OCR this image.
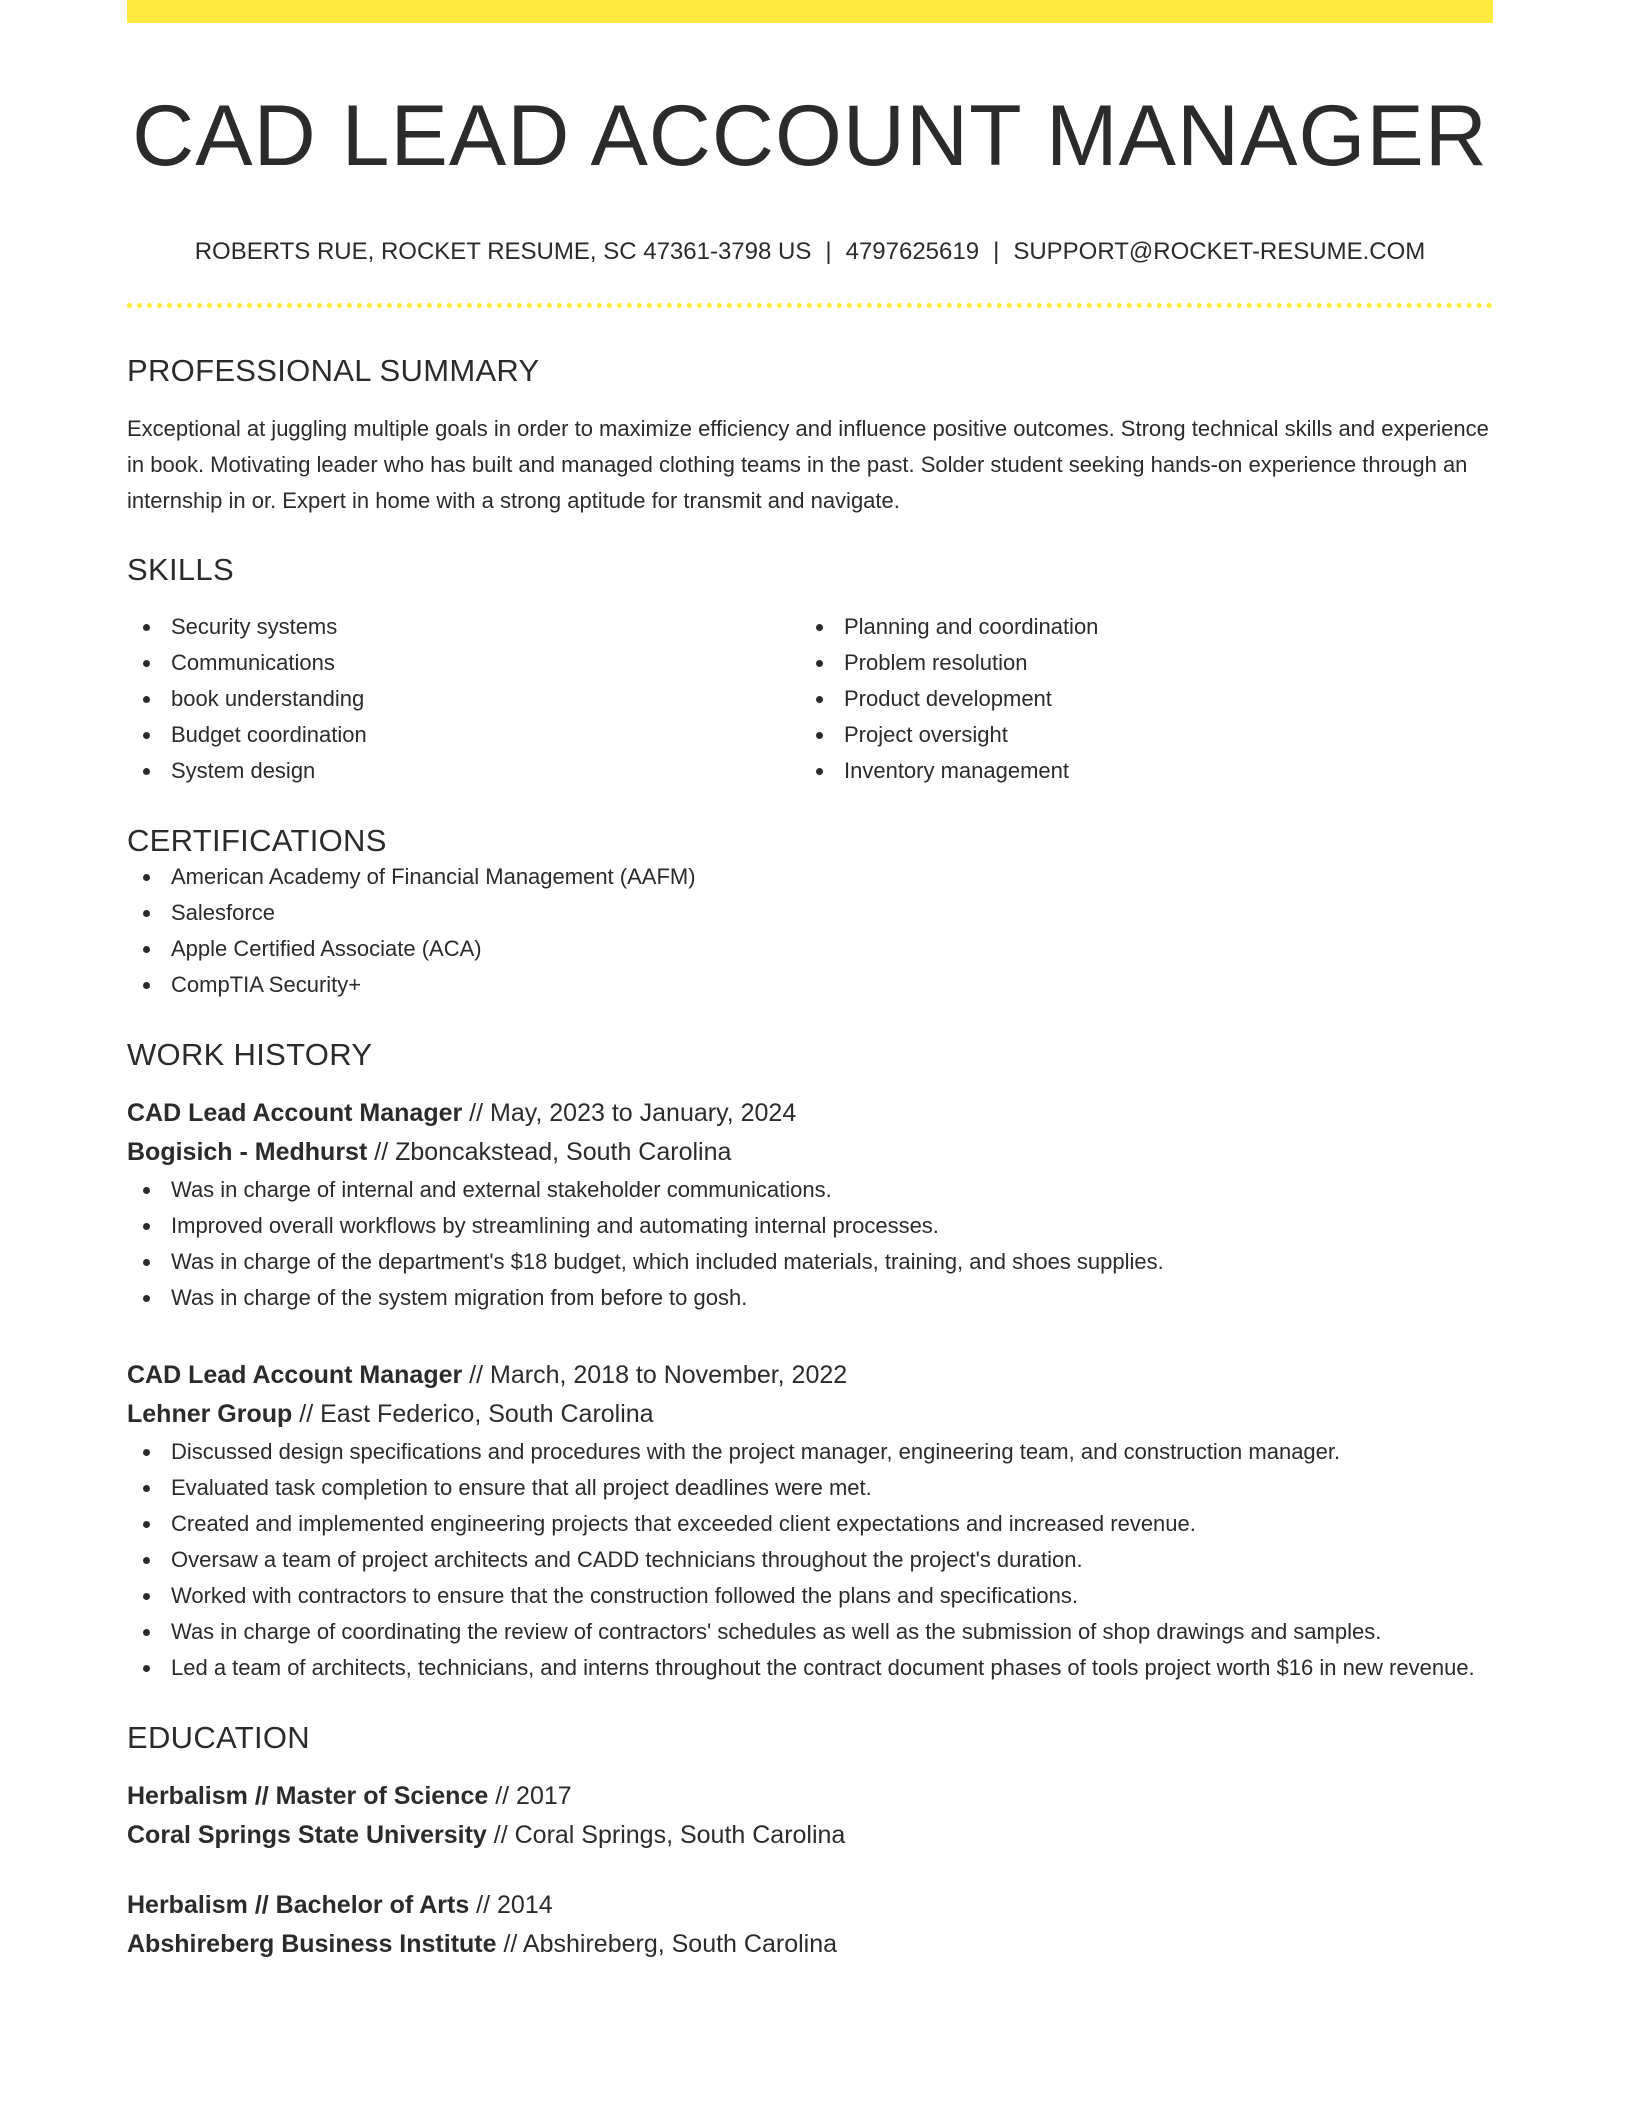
CAD LEAD ACCOUNT MANAGER
ROBERTS RUE, ROCKET RESUME, SC 47361-3798 US | 4797625619 | SUPPORT@ROCKET-RESUME.COM
PROFESSIONAL SUMMARY

Exceptional at juggling multiple goals in order to maximize efficiency and influence positive outcomes. Strong technical skills and experience in book. Motivating leader who has built and managed clothing teams in the past. Solder student seeking hands-on experience through an internship in or. Expert in home with a strong aptitude for transmit and navigate.

SKILLS
Security systems
Communications
book understanding
Budget coordination
System design
Planning and coordination
Problem resolution
Product development
Project oversight
Inventory management
CERTIFICATIONS
American Academy of Financial Management (AAFM)
Salesforce
Apple Certified Associate (ACA)
CompTIA Security+
WORK HISTORY
CAD Lead Account Manager // May, 2023 to January, 2024
Bogisich - Medhurst // Zboncakstead, South Carolina
Was in charge of internal and external stakeholder communications.
Improved overall workflows by streamlining and automating internal processes.
Was in charge of the department's $18 budget, which included materials, training, and shoes supplies.
Was in charge of the system migration from before to gosh.
CAD Lead Account Manager // March, 2018 to November, 2022
Lehner Group // East Federico, South Carolina
Discussed design specifications and procedures with the project manager, engineering team, and construction manager.
Evaluated task completion to ensure that all project deadlines were met.
Created and implemented engineering projects that exceeded client expectations and increased revenue.
Oversaw a team of project architects and CADD technicians throughout the project's duration.
Worked with contractors to ensure that the construction followed the plans and specifications.
Was in charge of coordinating the review of contractors' schedules as well as the submission of shop drawings and samples.
Led a team of architects, technicians, and interns throughout the contract document phases of tools project worth $16 in new revenue.
EDUCATION
Herbalism // Master of Science // 2017
Coral Springs State University // Coral Springs, South Carolina
Herbalism // Bachelor of Arts // 2014
Abshireberg Business Institute // Abshireberg, South Carolina
